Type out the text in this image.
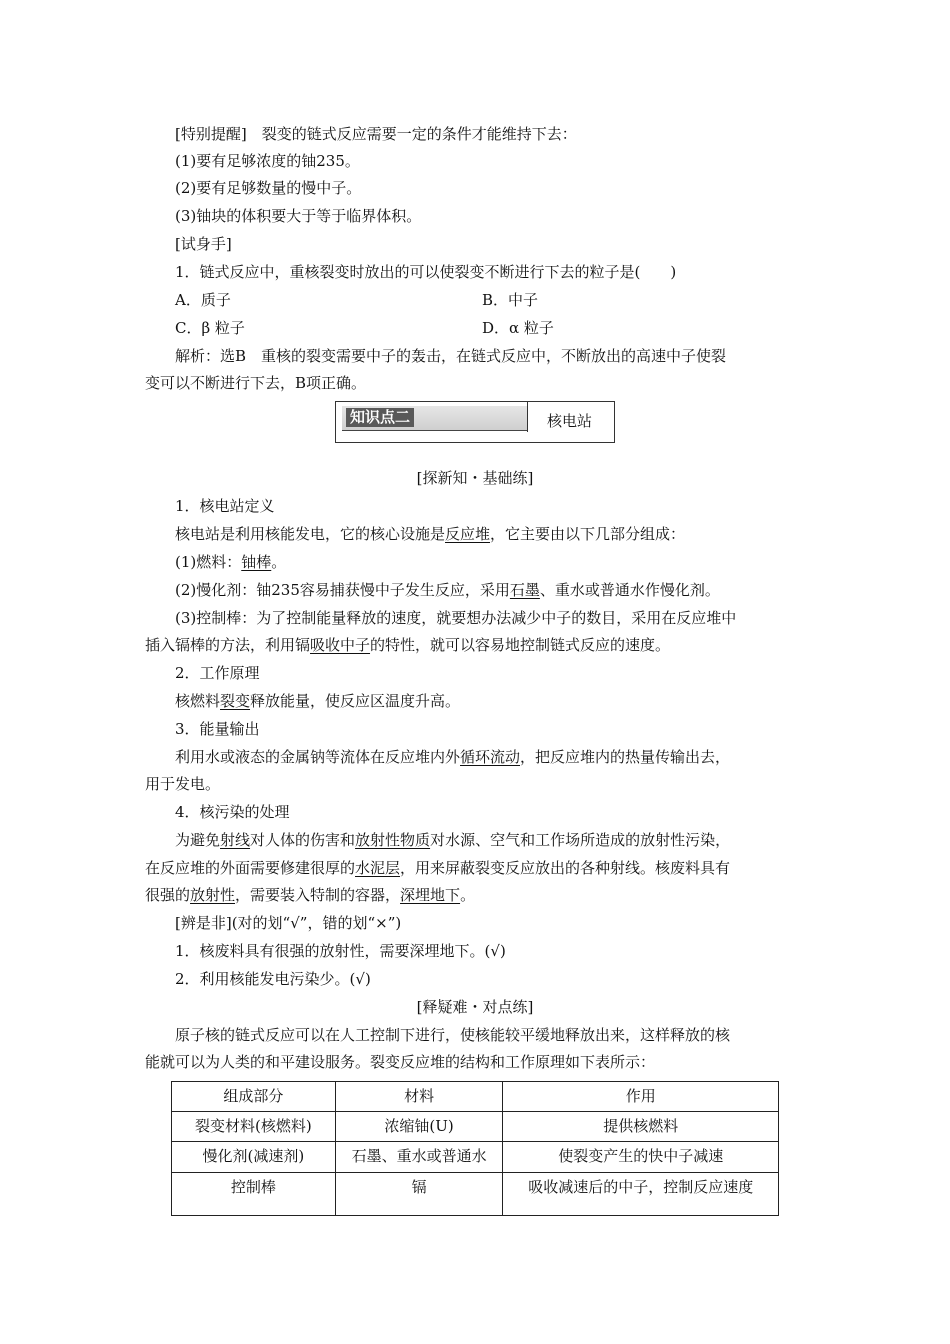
[特别提醒]　裂变的链式反应需要一定的条件才能维持下去：
(1)要有足够浓度的铀235。
(2)要有足够数量的慢中子。
(3)铀块的体积要大于等于临界体积。
[试身手]
1．链式反应中，重核裂变时放出的可以使裂变不断进行下去的粒子是(　　)
A．质子	B．中子
C．β 粒子	D．α 粒子
解析：选B　重核的裂变需要中子的轰击，在链式反应中，不断放出的高速中子使裂
变可以不断进行下去，B项正确。
知识点二	核电站
[探新知・基础练]
1．核电站定义
核电站是利用核能发电，它的核心设施是反应堆，它主要由以下几部分组成：
(1)燃料：铀棒。
(2)慢化剂：铀235容易捕获慢中子发生反应，采用石墨、重水或普通水作慢化剂。
(3)控制棒：为了控制能量释放的速度，就要想办法减少中子的数目，采用在反应堆中
插入镉棒的方法，利用镉吸收中子的特性，就可以容易地控制链式反应的速度。
2．工作原理
核燃料裂变释放能量，使反应区温度升高。
3．能量输出
利用水或液态的金属钠等流体在反应堆内外循环流动，把反应堆内的热量传输出去，
用于发电。
4．核污染的处理
为避免射线对人体的伤害和放射性物质对水源、空气和工作场所造成的放射性污染，
在反应堆的外面需要修建很厚的水泥层，用来屏蔽裂变反应放出的各种射线。核废料具有
很强的放射性，需要装入特制的容器，深埋地下。
[辨是非](对的划“√”，错的划“×”)
1．核废料具有很强的放射性，需要深埋地下。(√)
2．利用核能发电污染少。(√)
[释疑难・对点练]
原子核的链式反应可以在人工控制下进行，使核能较平缓地释放出来，这样释放的核
能就可以为人类的和平建设服务。裂变反应堆的结构和工作原理如下表所示：
组成部分	材料	作用
裂变材料(核燃料)	浓缩铀(U)	提供核燃料
慢化剂(减速剂)	石墨、重水或普通水	使裂变产生的快中子减速
控制棒	镉	吸收减速后的中子，控制反应速度
